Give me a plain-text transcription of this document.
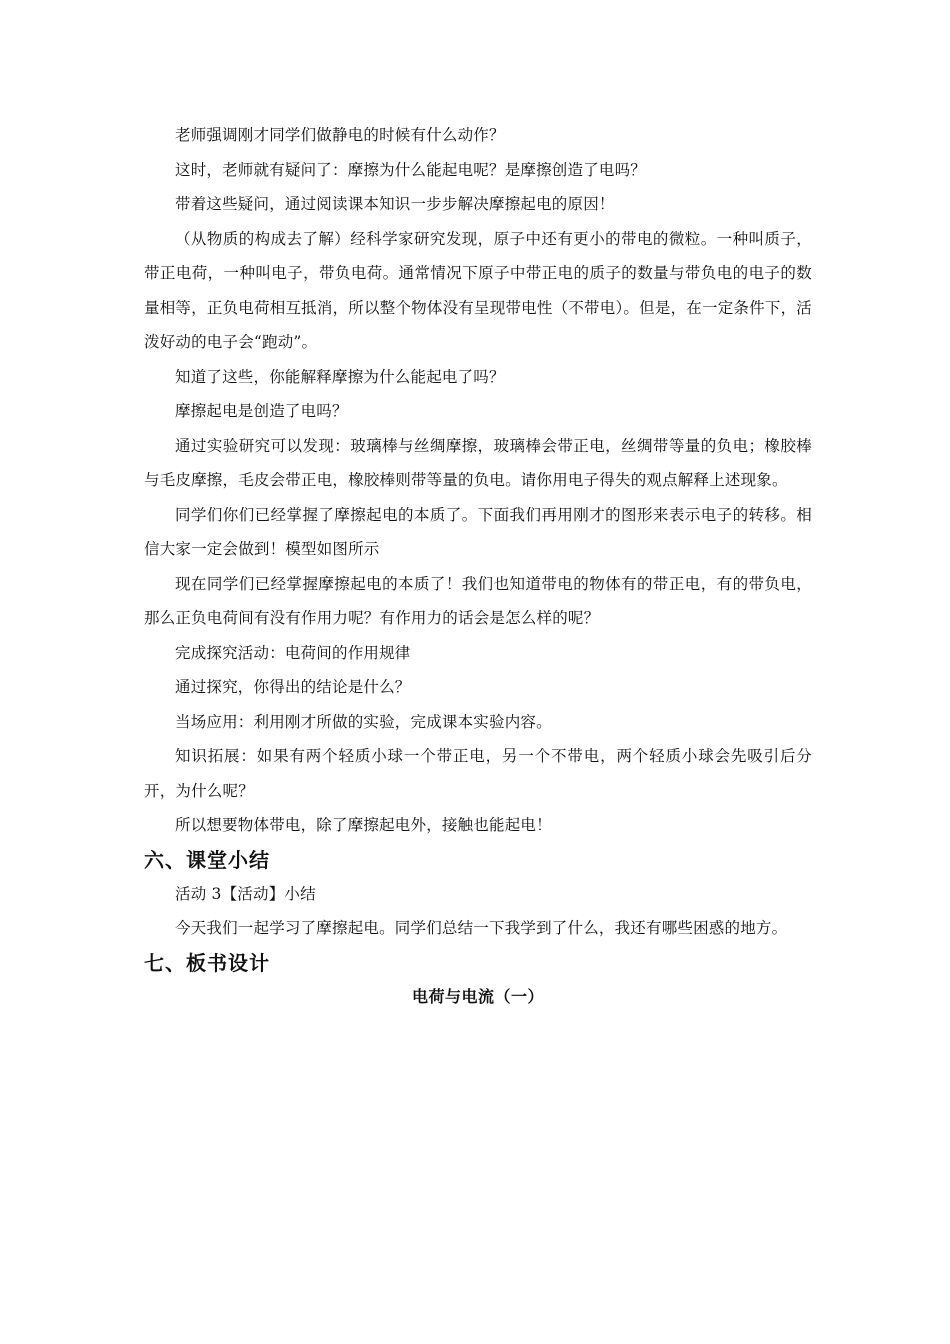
老师强调刚才同学们做静电的时候有什么动作？

这时，老师就有疑问了：摩擦为什么能起电呢？是摩擦创造了电吗？

带着这些疑问，通过阅读课本知识一步步解决摩擦起电的原因！

（从物质的构成去了解）经科学家研究发现，原子中还有更小的带电的微粒。一种叫质子，带正电荷，一种叫电子，带负电荷。通常情况下原子中带正电的质子的数量与带负电的电子的数量相等，正负电荷相互抵消，所以整个物体没有呈现带电性（不带电）。但是，在一定条件下，活泼好动的电子会“跑动”。

知道了这些，你能解释摩擦为什么能起电了吗？

摩擦起电是创造了电吗？

通过实验研究可以发现：玻璃棒与丝绸摩擦，玻璃棒会带正电，丝绸带等量的负电；橡胶棒与毛皮摩擦，毛皮会带正电，橡胶棒则带等量的负电。请你用电子得失的观点解释上述现象。

同学们你们已经掌握了摩擦起电的本质了。下面我们再用刚才的图形来表示电子的转移。相信大家一定会做到！模型如图所示

现在同学们已经掌握摩擦起电的本质了！我们也知道带电的物体有的带正电，有的带负电，那么正负电荷间有没有作用力呢？有作用力的话会是怎么样的呢？

完成探究活动：电荷间的作用规律

通过探究，你得出的结论是什么？

当场应用：利用刚才所做的实验，完成课本实验内容。

知识拓展：如果有两个轻质小球一个带正电，另一个不带电，两个轻质小球会先吸引后分开，为什么呢？

所以想要物体带电，除了摩擦起电外，接触也能起电！

六、课堂小结

活动 3【活动】小结

今天我们一起学习了摩擦起电。同学们总结一下我学到了什么，我还有哪些困惑的地方。

七、板书设计

电荷与电流（一）
